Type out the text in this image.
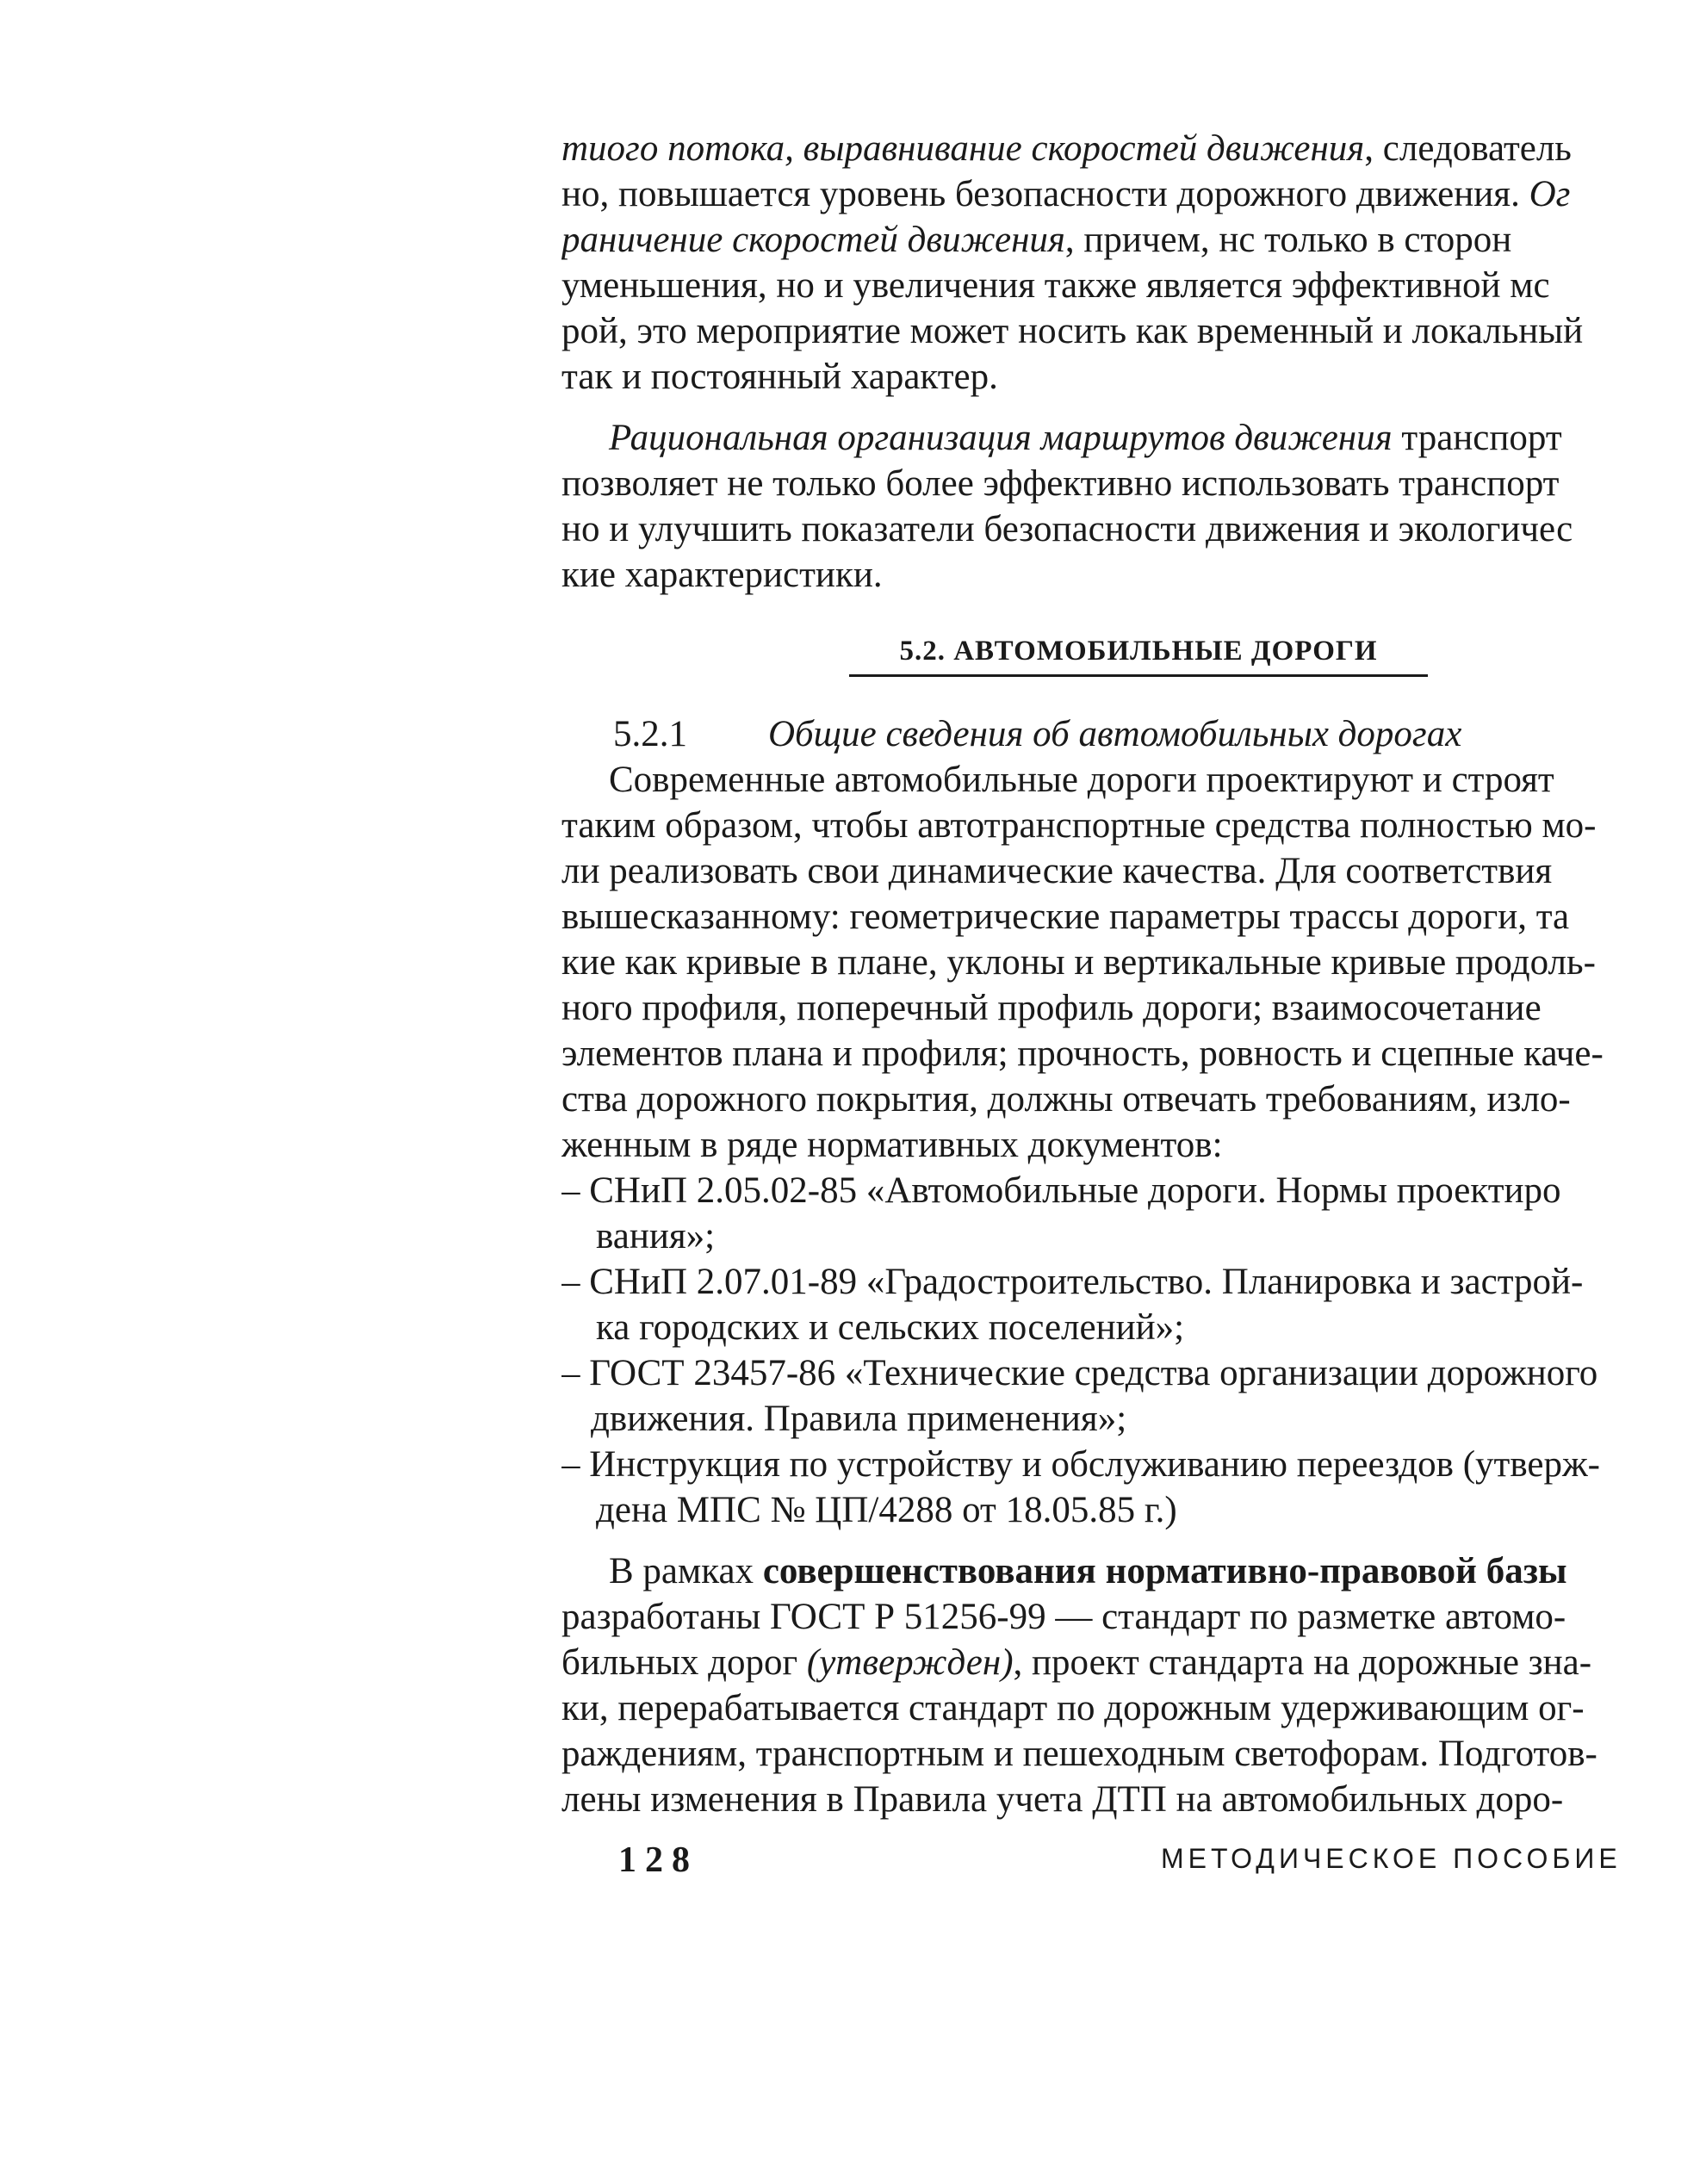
тиого потока, выравнивание скоростей движения, следователь
но, повышается уровень безопасности дорожного движения. Ог
раничение скоростей движения, причем, нс только в сторон
уменьшения, но и увеличения также является эффективной мс
рой, это мероприятие может носить как временный и локальный
так и постоянный характер.
Рациональная организация маршрутов движения транспорт
позволяет не только более эффективно использовать транспорт
но и улучшить показатели безопасности движения и экологичес
кие характеристики.
5.2. АВТОМОБИЛЬНЫЕ ДОРОГИ
5.2.1 Общие сведения об автомобильных дорогах
Современные автомобильные дороги проектируют и строят
таким образом, чтобы автотранспортные средства полностью мо-
ли реализовать свои динамические качества. Для соответствия
вышесказанному: геометрические параметры трассы дороги, та
кие как кривые в плане, уклоны и вертикальные кривые продоль-
ного профиля, поперечный профиль дороги; взаимосочетание
элементов плана и профиля; прочность, ровность и сцепные каче-
ства дорожного покрытия, должны отвечать требованиям, изло-
женным в ряде нормативных документов:
– СНиП 2.05.02-85 «Автомобильные дороги. Нормы проектиро
вания»;
– СНиП 2.07.01-89 «Градостроительство. Планировка и застрой-
ка городских и сельских поселений»;
– ГОСТ 23457-86 «Технические средства организации дорожного
движения. Правила применения»;
– Инструкция по устройству и обслуживанию переездов (утверж-
дена МПС № ЦП/4288 от 18.05.85 г.)
В рамках совершенствования нормативно-правовой базы
разработаны ГОСТ Р 51256-99 — стандарт по разметке автомо-
бильных дорог (утвержден), проект стандарта на дорожные зна-
ки, перерабатывается стандарт по дорожным удерживающим ог-
раждениям, транспортным и пешеходным светофорам. Подготов-
лены изменения в Правила учета ДТП на автомобильных доро-
128	МЕТОДИЧЕСКОЕ ПОСОБИЕ
